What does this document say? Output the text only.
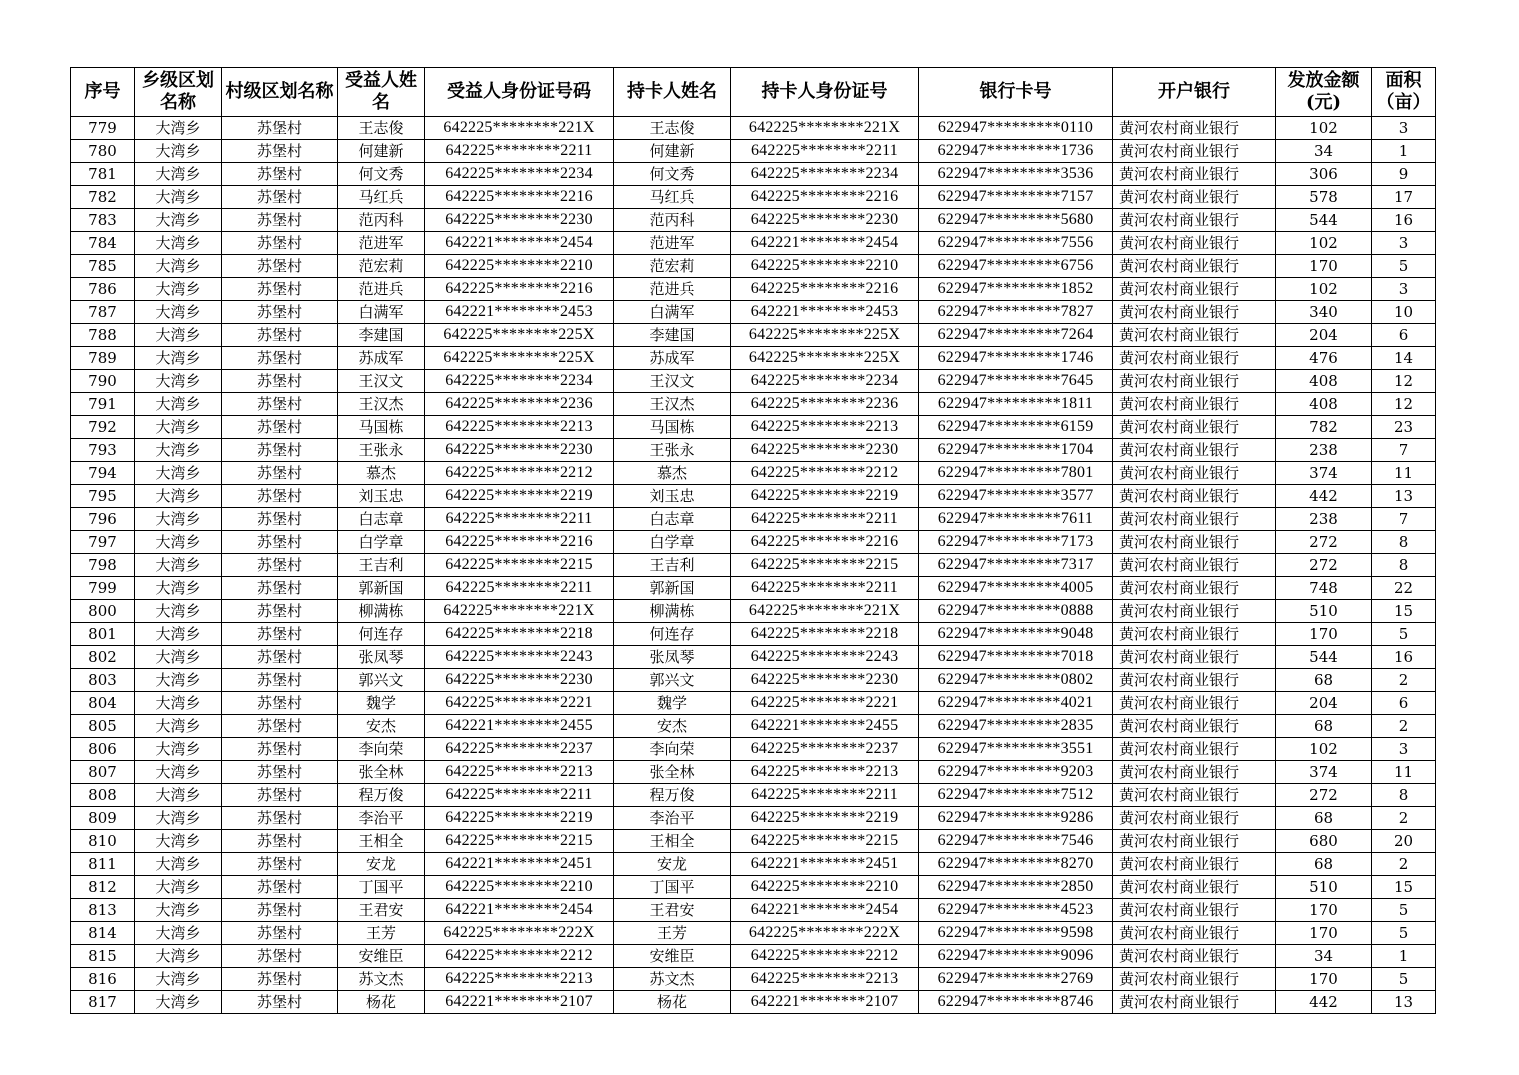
序号	乡级区划名称	村级区划名称	受益人姓名	受益人身份证号码	持卡人姓名	持卡人身份证号	银行卡号	开户银行	发放金额(元)	面积（亩）
779	大湾乡	苏堡村	王志俊	642225********221X	王志俊	642225********221X	622947*********0110	黄河农村商业银行	102	3
780	大湾乡	苏堡村	何建新	642225********2211	何建新	642225********2211	622947*********1736	黄河农村商业银行	34	1
781	大湾乡	苏堡村	何文秀	642225********2234	何文秀	642225********2234	622947*********3536	黄河农村商业银行	306	9
782	大湾乡	苏堡村	马红兵	642225********2216	马红兵	642225********2216	622947*********7157	黄河农村商业银行	578	17
783	大湾乡	苏堡村	范丙科	642225********2230	范丙科	642225********2230	622947*********5680	黄河农村商业银行	544	16
784	大湾乡	苏堡村	范进军	642221********2454	范进军	642221********2454	622947*********7556	黄河农村商业银行	102	3
785	大湾乡	苏堡村	范宏莉	642225********2210	范宏莉	642225********2210	622947*********6756	黄河农村商业银行	170	5
786	大湾乡	苏堡村	范进兵	642225********2216	范进兵	642225********2216	622947*********1852	黄河农村商业银行	102	3
787	大湾乡	苏堡村	白满军	642221********2453	白满军	642221********2453	622947*********7827	黄河农村商业银行	340	10
788	大湾乡	苏堡村	李建国	642225********225X	李建国	642225********225X	622947*********7264	黄河农村商业银行	204	6
789	大湾乡	苏堡村	苏成军	642225********225X	苏成军	642225********225X	622947*********1746	黄河农村商业银行	476	14
790	大湾乡	苏堡村	王汉文	642225********2234	王汉文	642225********2234	622947*********7645	黄河农村商业银行	408	12
791	大湾乡	苏堡村	王汉杰	642225********2236	王汉杰	642225********2236	622947*********1811	黄河农村商业银行	408	12
792	大湾乡	苏堡村	马国栋	642225********2213	马国栋	642225********2213	622947*********6159	黄河农村商业银行	782	23
793	大湾乡	苏堡村	王张永	642225********2230	王张永	642225********2230	622947*********1704	黄河农村商业银行	238	7
794	大湾乡	苏堡村	慕杰	642225********2212	慕杰	642225********2212	622947*********7801	黄河农村商业银行	374	11
795	大湾乡	苏堡村	刘玉忠	642225********2219	刘玉忠	642225********2219	622947*********3577	黄河农村商业银行	442	13
796	大湾乡	苏堡村	白志章	642225********2211	白志章	642225********2211	622947*********7611	黄河农村商业银行	238	7
797	大湾乡	苏堡村	白学章	642225********2216	白学章	642225********2216	622947*********7173	黄河农村商业银行	272	8
798	大湾乡	苏堡村	王吉利	642225********2215	王吉利	642225********2215	622947*********7317	黄河农村商业银行	272	8
799	大湾乡	苏堡村	郭新国	642225********2211	郭新国	642225********2211	622947*********4005	黄河农村商业银行	748	22
800	大湾乡	苏堡村	柳满栋	642225********221X	柳满栋	642225********221X	622947*********0888	黄河农村商业银行	510	15
801	大湾乡	苏堡村	何连存	642225********2218	何连存	642225********2218	622947*********9048	黄河农村商业银行	170	5
802	大湾乡	苏堡村	张凤琴	642225********2243	张凤琴	642225********2243	622947*********7018	黄河农村商业银行	544	16
803	大湾乡	苏堡村	郭兴文	642225********2230	郭兴文	642225********2230	622947*********0802	黄河农村商业银行	68	2
804	大湾乡	苏堡村	魏学	642225********2221	魏学	642225********2221	622947*********4021	黄河农村商业银行	204	6
805	大湾乡	苏堡村	安杰	642221********2455	安杰	642221********2455	622947*********2835	黄河农村商业银行	68	2
806	大湾乡	苏堡村	李向荣	642225********2237	李向荣	642225********2237	622947*********3551	黄河农村商业银行	102	3
807	大湾乡	苏堡村	张全林	642225********2213	张全林	642225********2213	622947*********9203	黄河农村商业银行	374	11
808	大湾乡	苏堡村	程万俊	642225********2211	程万俊	642225********2211	622947*********7512	黄河农村商业银行	272	8
809	大湾乡	苏堡村	李治平	642225********2219	李治平	642225********2219	622947*********9286	黄河农村商业银行	68	2
810	大湾乡	苏堡村	王相全	642225********2215	王相全	642225********2215	622947*********7546	黄河农村商业银行	680	20
811	大湾乡	苏堡村	安龙	642221********2451	安龙	642221********2451	622947*********8270	黄河农村商业银行	68	2
812	大湾乡	苏堡村	丁国平	642225********2210	丁国平	642225********2210	622947*********2850	黄河农村商业银行	510	15
813	大湾乡	苏堡村	王君安	642221********2454	王君安	642221********2454	622947*********4523	黄河农村商业银行	170	5
814	大湾乡	苏堡村	王芳	642225********222X	王芳	642225********222X	622947*********9598	黄河农村商业银行	170	5
815	大湾乡	苏堡村	安维臣	642225********2212	安维臣	642225********2212	622947*********9096	黄河农村商业银行	34	1
816	大湾乡	苏堡村	苏文杰	642225********2213	苏文杰	642225********2213	622947*********2769	黄河农村商业银行	170	5
817	大湾乡	苏堡村	杨花	642221********2107	杨花	642221********2107	622947*********8746	黄河农村商业银行	442	13
